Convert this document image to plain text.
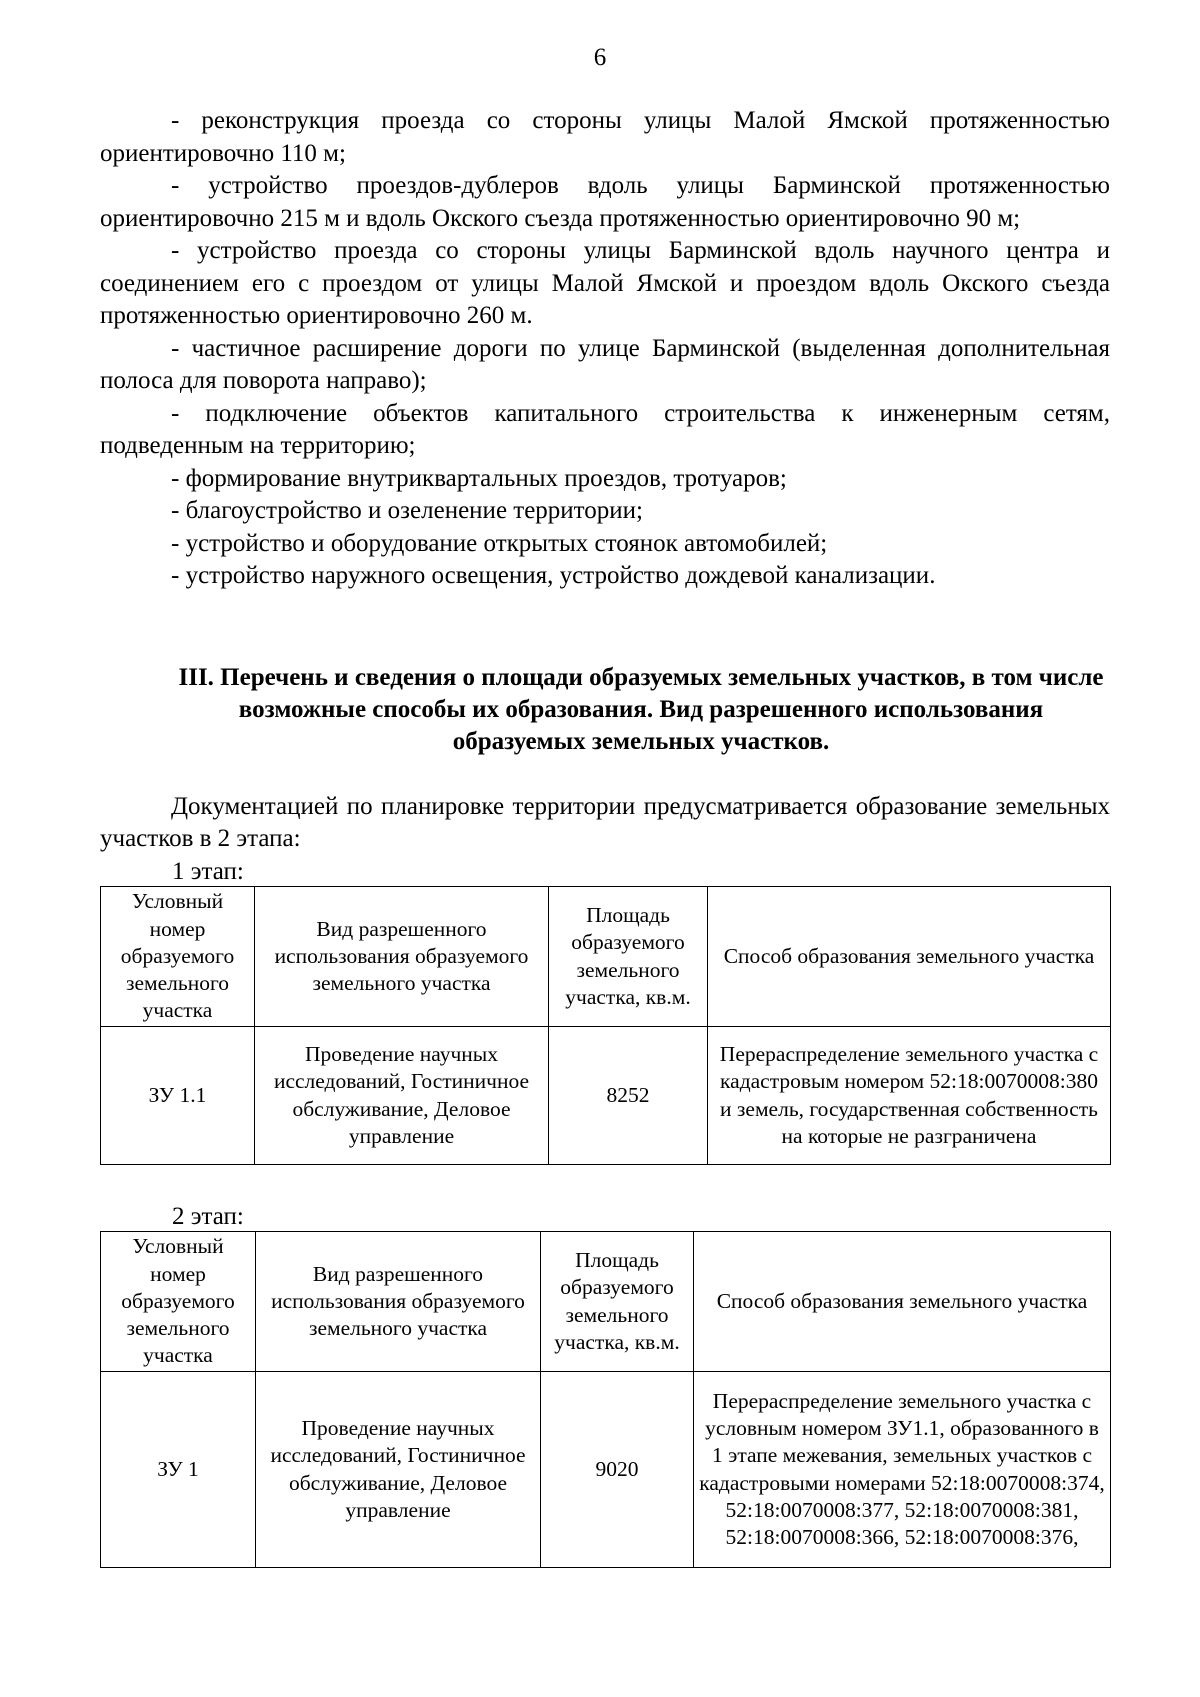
6

- реконструкция проезда со стороны улицы Малой Ямской протяженностью ориентировочно 110 м;

- устройство проездов-дублеров вдоль улицы Барминской протяженностью ориентировочно 215 м и вдоль Окского съезда протяженностью ориентировочно 90 м;

- устройство проезда со стороны улицы Барминской вдоль научного центра и соединением его с проездом от улицы Малой Ямской и проездом вдоль Окского съезда протяженностью ориентировочно 260 м.

- частичное расширение дороги по улице Барминской (выделенная дополнительная полоса для поворота направо);

- подключение объектов капитального строительства к инженерным сетям, подведенным на территорию;

- формирование внутриквартальных проездов, тротуаров;

- благоустройство и озеленение территории;

- устройство и оборудование открытых стоянок автомобилей;

- устройство наружного освещения, устройство дождевой канализации.

III. Перечень и сведения о площади образуемых земельных участков, в том числе возможные способы их образования. Вид разрешенного использования образуемых земельных участков.

Документацией по планировке территории предусматривается образование земельных участков в 2 этапа:

1 этап:

Условный номер образуемого земельного участка	Вид разрешенного использования образуемого земельного участка	Площадь образуемого земельного участка, кв.м.	Способ образования земельного участка
ЗУ 1.1	Проведение научных исследований, Гостиничное обслуживание, Деловое управление	8252	Перераспределение земельного участка с кадастровым номером 52:18:0070008:380 и земель, государственная собственность на которые не разграничена

2 этап:

Условный номер образуемого земельного участка	Вид разрешенного использования образуемого земельного участка	Площадь образуемого земельного участка, кв.м.	Способ образования земельного участка
ЗУ 1	Проведение научных исследований, Гостиничное обслуживание, Деловое управление	9020	Перераспределение земельного участка с условным номером ЗУ1.1, образованного в 1 этапе межевания, земельных участков с кадастровыми номерами 52:18:0070008:374, 52:18:0070008:377, 52:18:0070008:381, 52:18:0070008:366, 52:18:0070008:376,
